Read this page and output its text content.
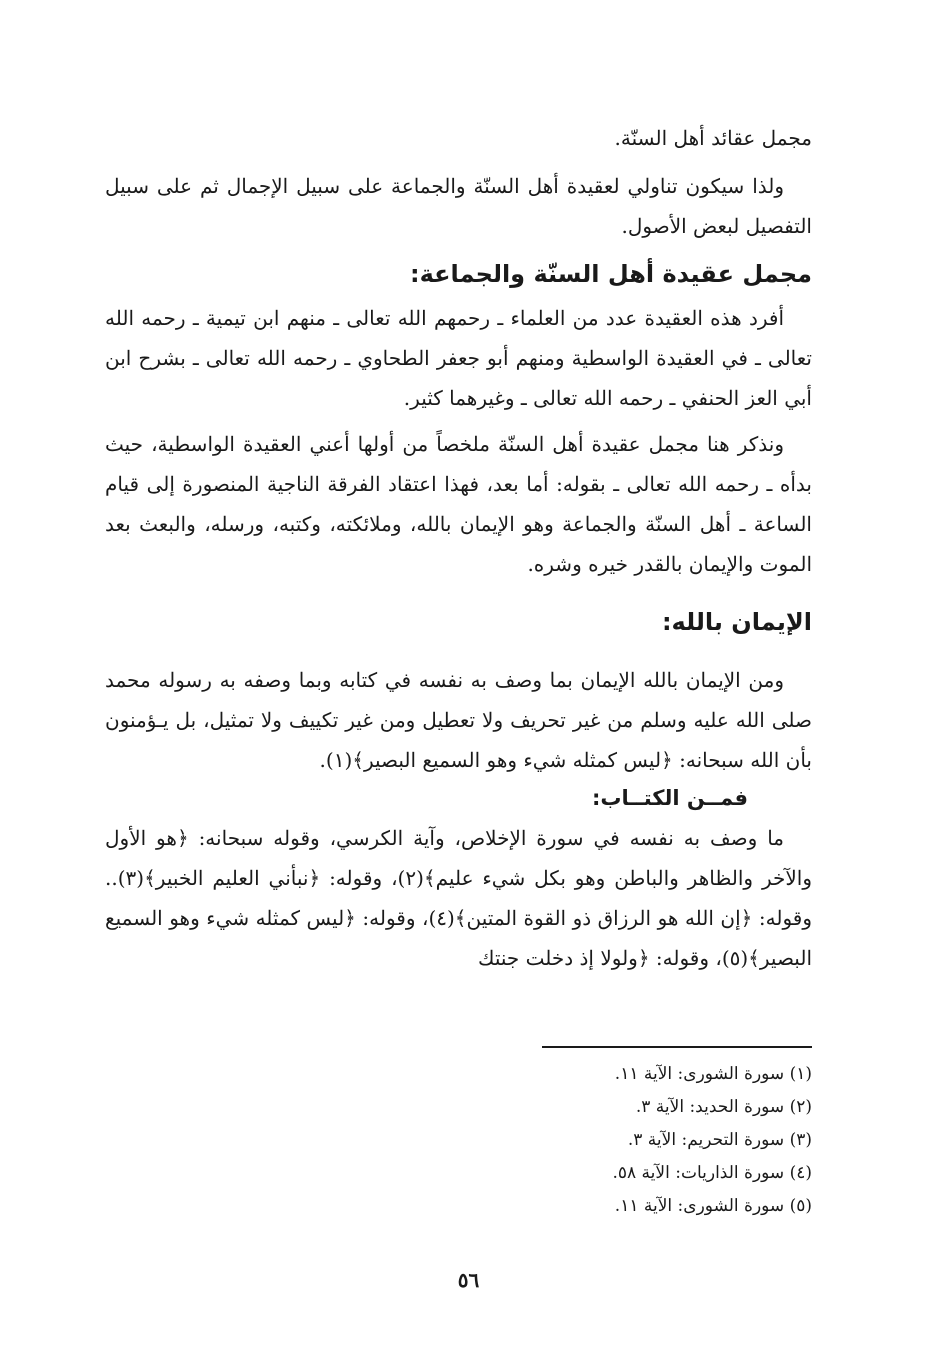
مجمل عقائد أهل السنّة.

ولذا سيكون تناولي لعقيدة أهل السنّة والجماعة على سبيل الإجمال ثم على سبيل التفصيل لبعض الأصول.

مجمل عقيدة أهل السنّة والجماعة:

أفرد هذه العقيدة عدد من العلماء ـ رحمهم الله تعالى ـ منهم ابن تيمية ـ رحمه الله تعالى ـ في العقيدة الواسطية ومنهم أبو جعفر الطحاوي ـ رحمه الله تعالى ـ بشرح ابن أبي العز الحنفي ـ رحمه الله تعالى ـ وغيرهما كثير.

ونذكر هنا مجمل عقيدة أهل السنّة ملخصاً من أولها أعني العقيدة الواسطية، حيث بدأه ـ رحمه الله تعالى ـ بقوله: أما بعد، فهذا اعتقاد الفرقة الناجية المنصورة إلى قيام الساعة ـ أهل السنّة والجماعة وهو الإيمان بالله، وملائكته، وكتبه، ورسله، والبعث بعد الموت والإيمان بالقدر خيره وشره.

الإيمان بالله:

ومن الإيمان بالله الإيمان بما وصف به نفسه في كتابه وبما وصفه به رسوله محمد صلى الله عليه وسلم من غير تحريف ولا تعطيل ومن غير تكييف ولا تمثيل، بل يـؤمنون بأن الله سبحانه: ﴿ليس كمثله شيء وهو السميع البصير﴾(١).

فمــن الكتــاب:

ما وصف به نفسه في سورة الإخلاص، وآية الكرسي، وقوله سبحانه: ﴿هو الأول والآخر والظاهر والباطن وهو بكل شيء عليم﴾(٢)، وقوله: ﴿نبأني العليم الخبير﴾(٣).. وقوله: ﴿إن الله هو الرزاق ذو القوة المتين﴾(٤)، وقوله: ﴿ليس كمثله شيء وهو السميع البصير﴾(٥)، وقوله: ﴿ولولا إذ دخلت جنتك

(١) سورة الشورى: الآية ١١.

(٢) سورة الحديد: الآية ٣.

(٣) سورة التحريم: الآية ٣.

(٤) سورة الذاريات: الآية ٥٨.

(٥) سورة الشورى: الآية ١١.

٥٦
